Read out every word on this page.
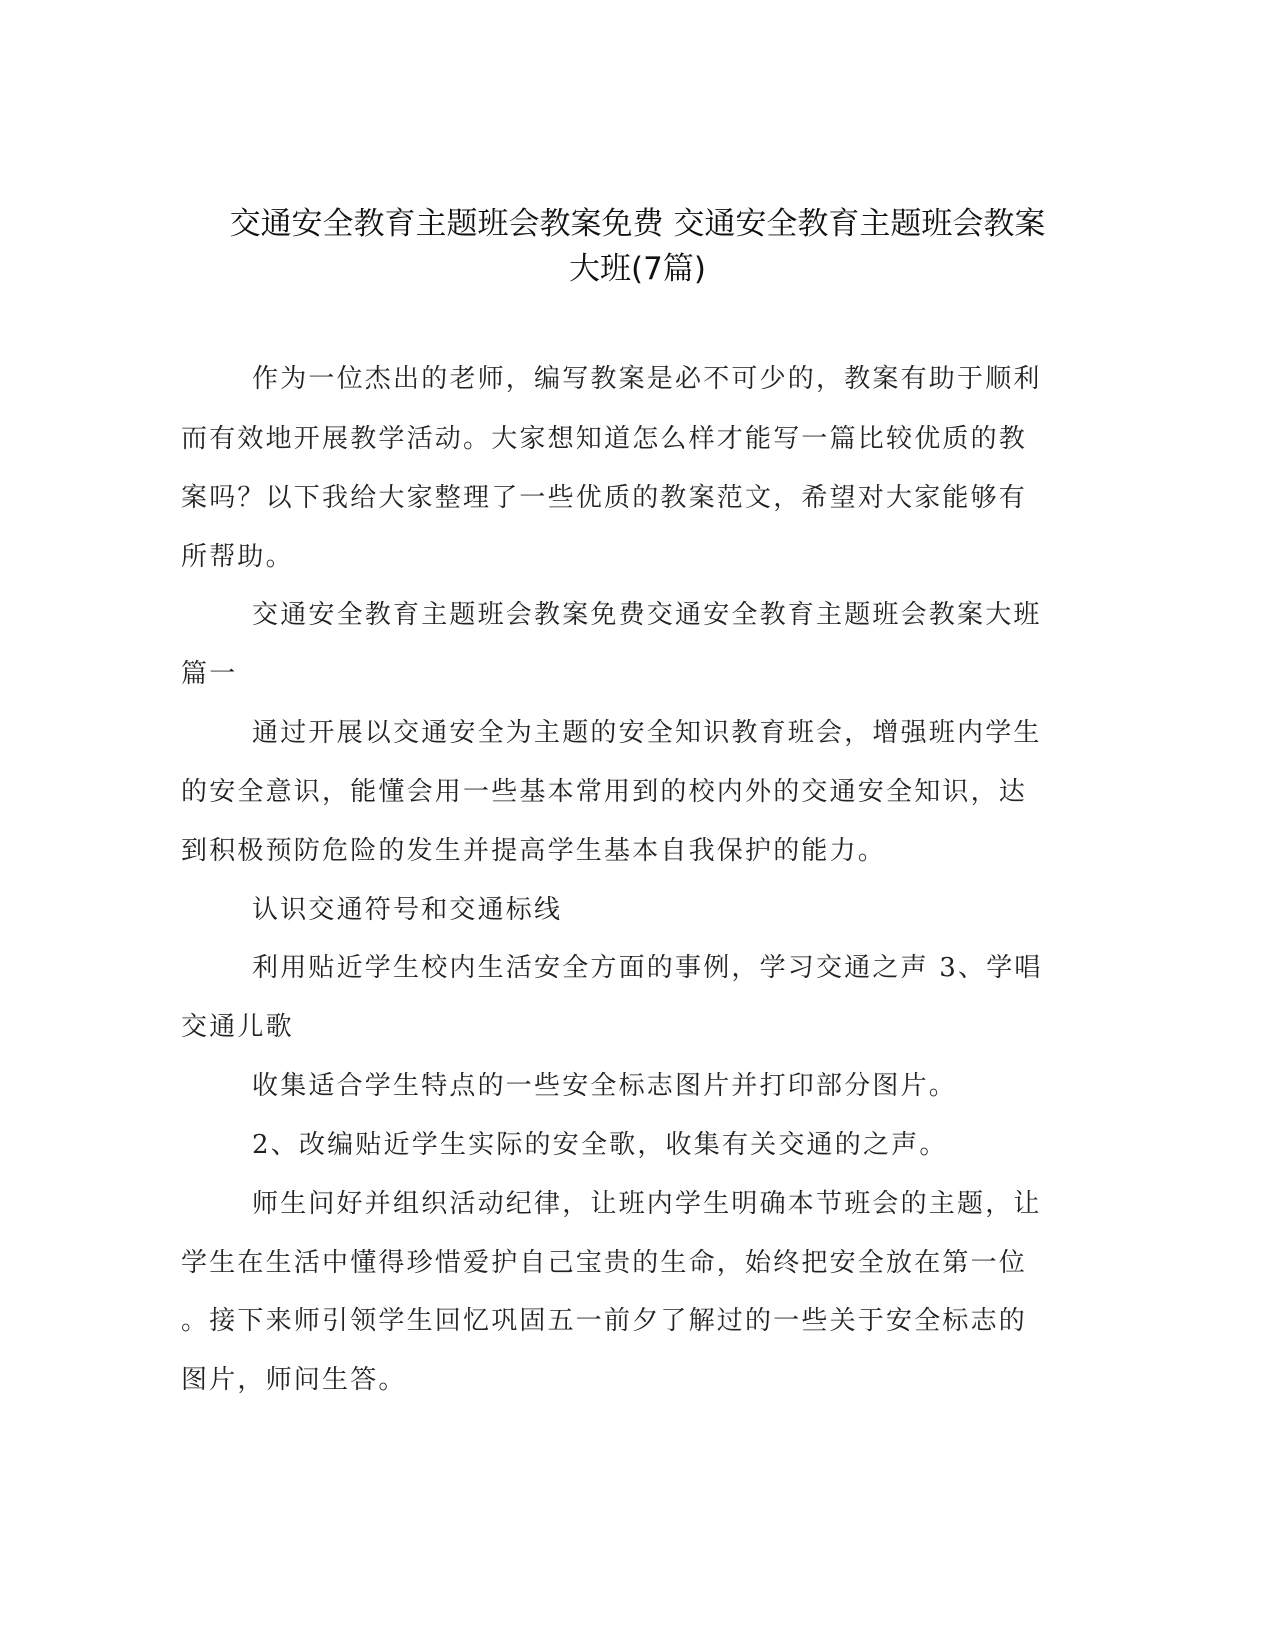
交通安全教育主题班会教案免费 交通安全教育主题班会教案
大班(7篇)
作为一位杰出的老师，编写教案是必不可少的，教案有助于顺利
而有效地开展教学活动。大家想知道怎么样才能写一篇比较优质的教
案吗？以下我给大家整理了一些优质的教案范文，希望对大家能够有
所帮助。
交通安全教育主题班会教案免费交通安全教育主题班会教案大班
篇一
通过开展以交通安全为主题的安全知识教育班会，增强班内学生
的安全意识，能懂会用一些基本常用到的校内外的交通安全知识，达
到积极预防危险的发生并提高学生基本自我保护的能力。
认识交通符号和交通标线
利用贴近学生校内生活安全方面的事例，学习交通之声 3、学唱
交通儿歌
收集适合学生特点的一些安全标志图片并打印部分图片。
2、改编贴近学生实际的安全歌，收集有关交通的之声。
师生问好并组织活动纪律，让班内学生明确本节班会的主题，让
学生在生活中懂得珍惜爱护自己宝贵的生命，始终把安全放在第一位
。接下来师引领学生回忆巩固五一前夕了解过的一些关于安全标志的
图片，师问生答。
